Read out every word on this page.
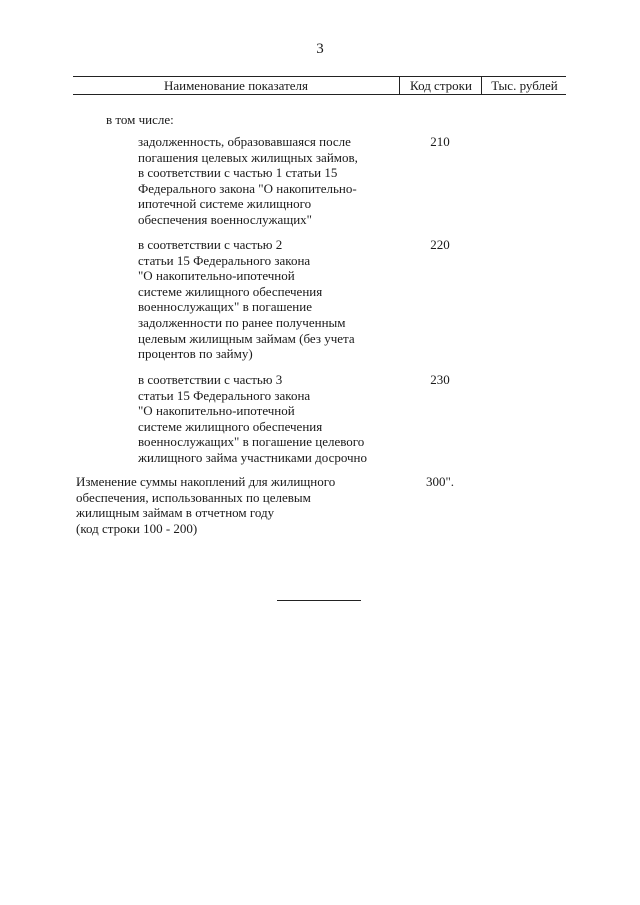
3
Наименование показателя	Код строки	Тыс. рублей
в том числе:
задолженность, образовавшаяся после
погашения целевых жилищных займов,
в соответствии с частью 1 статьи 15
Федерального закона "О накопительно-
ипотечной системе жилищного
обеспечения военнослужащих"
210
в соответствии с частью 2
статьи 15 Федерального закона
"О накопительно-ипотечной
системе жилищного обеспечения
военнослужащих" в погашение
задолженности по ранее полученным
целевым жилищным займам (без учета
процентов по займу)
220
в соответствии с частью 3
статьи 15 Федерального закона
"О накопительно-ипотечной
системе жилищного обеспечения
военнослужащих" в погашение целевого
жилищного займа участниками досрочно
230
Изменение суммы накоплений для жилищного
обеспечения, использованных по целевым
жилищным займам в отчетном году
(код строки 100 - 200)
300".
